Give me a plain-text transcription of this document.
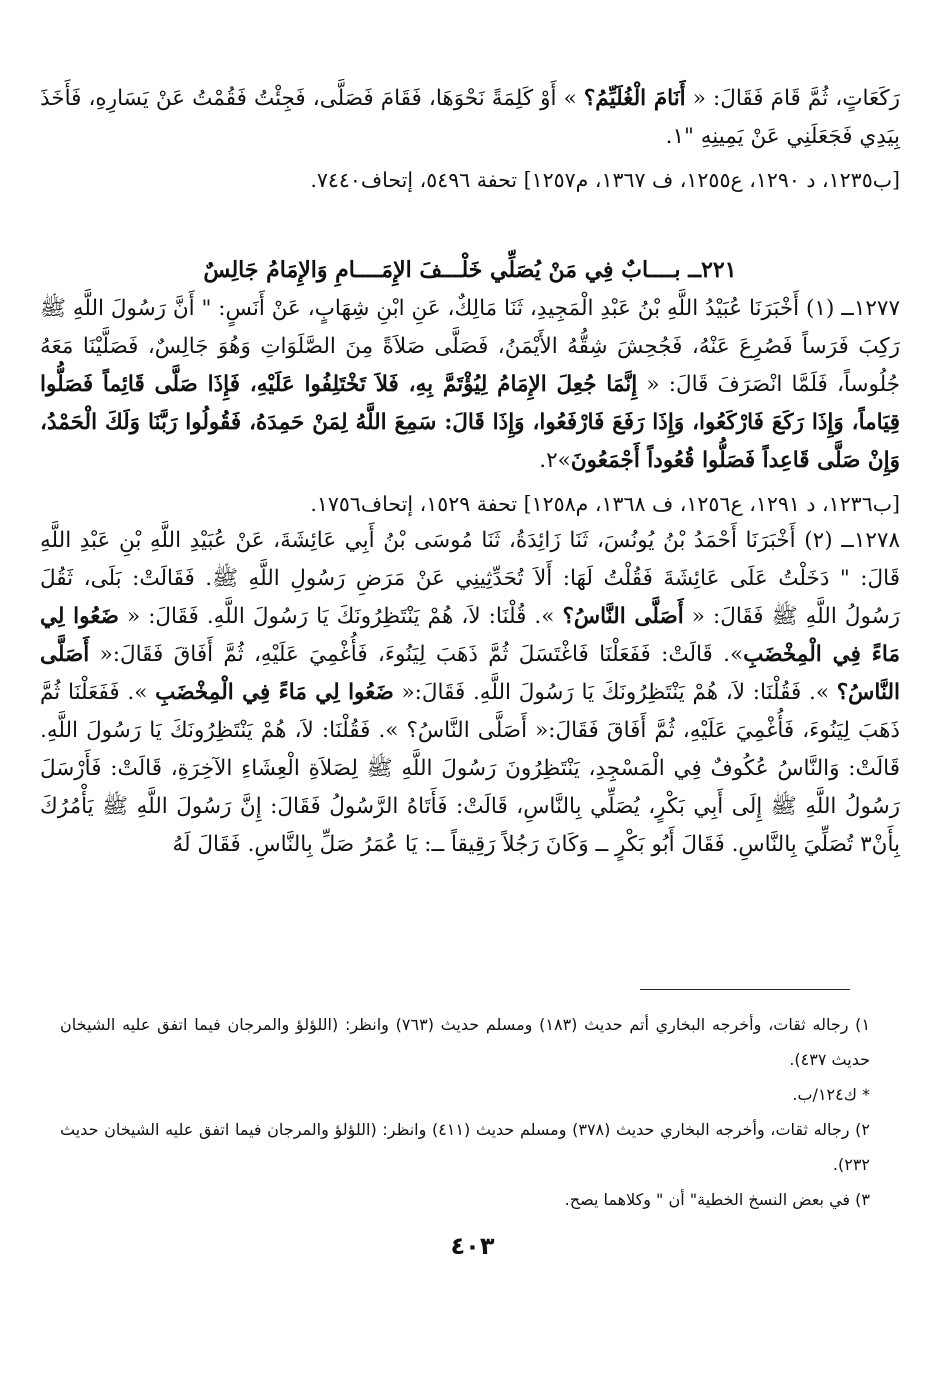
رَكَعَاتٍ، ثُمَّ قَامَ فَقَالَ: « أَنَامَ الْغُلَيِّمُ؟ » أَوْ كَلِمَةً نَحْوَهَا، فَقَامَ فَصَلَّى، فَجِئْتُ فَقُمْتُ عَنْ يَسَارِهِ، فَأَخَذَ بِيَدِي فَجَعَلَنِي عَنْ يَمِينِهِ "١.

[ب١٢٣٥، د ١٢٩٠، ع١٢٥٥، ف ١٣٦٧، م١٢٥٧] تحفة ٥٤٩٦، إتحاف٧٤٤٠.

٢٢١ــ بــــابٌ فِي مَنْ يُصَلِّي خَلْـــفَ الإِمَــــامِ وَالإِمَامُ جَالِسٌ

١٢٧٧ــ (١) أَخْبَرَنَا عُبَيْدُ اللَّهِ بْنُ عَبْدِ الْمَجِيدِ، ثَنَا مَالِكٌ، عَنِ ابْنِ شِهَابٍ، عَنْ أَنَسٍ: " أَنَّ رَسُولَ اللَّهِ ﷺ رَكِبَ فَرَساً فَصُرِعَ عَنْهُ، فَجُحِشَ شِقُّهُ الأَيْمَنُ، فَصَلَّى صَلاَةً مِنَ الصَّلَوَاتِ وَهُوَ جَالِسٌ، فَصَلَّيْنَا مَعَهُ جُلُوساً، فَلَمَّا انْصَرَفَ قَالَ: « إِنَّمَا جُعِلَ الإِمَامُ لِيُؤْتَمَّ بِهِ، فَلاَ تَخْتَلِفُوا عَلَيْهِ، فَإِذَا صَلَّى قَائِماً فَصَلُّوا قِيَاماً، وَإِذَا رَكَعَ فَارْكَعُوا، وَإِذَا رَفَعَ فَارْفَعُوا، وَإِذَا قَالَ: سَمِعَ اللَّهُ لِمَنْ حَمِدَهُ، فَقُولُوا رَبَّنَا وَلَكَ الْحَمْدُ، وَإِنْ صَلَّى قَاعِداً فَصَلُّوا قُعُوداً أَجْمَعُونَ»٢.

[ب١٢٣٦، د ١٢٩١، ع١٢٥٦، ف ١٣٦٨، م١٢٥٨] تحفة ١٥٢٩، إتحاف١٧٥٦.

١٢٧٨ــ (٢) أَخْبَرَنَا أَحْمَدُ بْنُ يُونُسَ، ثَنَا زَائِدَةُ، ثَنَا مُوسَى بْنُ أَبِي عَائِشَةَ، عَنْ عُبَيْدِ اللَّهِ بْنِ عَبْدِ اللَّهِ قَالَ: " دَخَلْتُ عَلَى عَائِشَةَ فَقُلْتُ لَهَا: أَلاَ تُحَدِّثِينِي عَنْ مَرَضِ رَسُولِ اللَّهِ ﷺ. فَقَالَتْ: بَلَى، ثَقُلَ رَسُولُ اللَّهِ ﷺ فَقَالَ: « أَصَلَّى النَّاسُ؟ ». قُلْنَا: لاَ، هُمْ يَنْتَظِرُونَكَ يَا رَسُولَ اللَّهِ. فَقَالَ: « ضَعُوا لِي مَاءً فِي الْمِخْضَبِ». قَالَتْ: فَفَعَلْنَا فَاغْتَسَلَ ثُمَّ ذَهَبَ لِيَنُوءَ، فَأُغْمِيَ عَلَيْهِ، ثُمَّ أَفَاقَ فَقَالَ:« أَصَلَّى النَّاسُ؟ ». فَقُلْنَا: لاَ، هُمْ يَنْتَظِرُونَكَ يَا رَسُولَ اللَّهِ. فَقَالَ:« ضَعُوا لِي مَاءً فِي الْمِخْضَبِ ». فَفَعَلْنَا ثُمَّ ذَهَبَ لِيَنُوءَ، فَأُغْمِيَ عَلَيْهِ، ثُمَّ أَفَاقَ فَقَالَ:« أَصَلَّى النَّاسُ؟ ». فَقُلْنَا: لاَ، هُمْ يَنْتَظِرُونَكَ يَا رَسُولَ اللَّهِ. قَالَتْ: وَالنَّاسُ عُكُوفٌ فِي الْمَسْجِدِ، يَنْتَظِرُونَ رَسُولَ اللَّهِ ﷺ لِصَلاَةِ الْعِشَاءِ الآخِرَةِ، قَالَتْ: فَأَرْسَلَ رَسُولُ اللَّهِ ﷺ إِلَى أَبِي بَكْرٍ، يُصَلِّي بِالنَّاسِ، قَالَتْ: فَأَتَاهُ الرَّسُولُ فَقَالَ: إِنَّ رَسُولَ اللَّهِ ﷺ يَأْمُرُكَ بِأَنْ٣ تُصَلِّيَ بِالنَّاسِ. فَقَالَ أَبُو بَكْرٍ ــ وَكَانَ رَجُلاً رَقِيقاً ــ: يَا عُمَرُ صَلِّ بِالنَّاسِ. فَقَالَ لَهُ

١) رجاله ثقات، وأخرجه البخاري أتم حديث (١٨٣) ومسلم حديث (٧٦٣) وانظر: (اللؤلؤ والمرجان فيما اتفق عليه الشيخان حديث ٤٣٧).

* ك١٢٤/ب.

٢) رجاله ثقات، وأخرجه البخاري حديث (٣٧٨) ومسلم حديث (٤١١) وانظر: (اللؤلؤ والمرجان فيما اتفق عليه الشيخان حديث ٢٣٢).

٣) في بعض النسخ الخطية" أن " وكلاهما يصح.

٤٠٣
